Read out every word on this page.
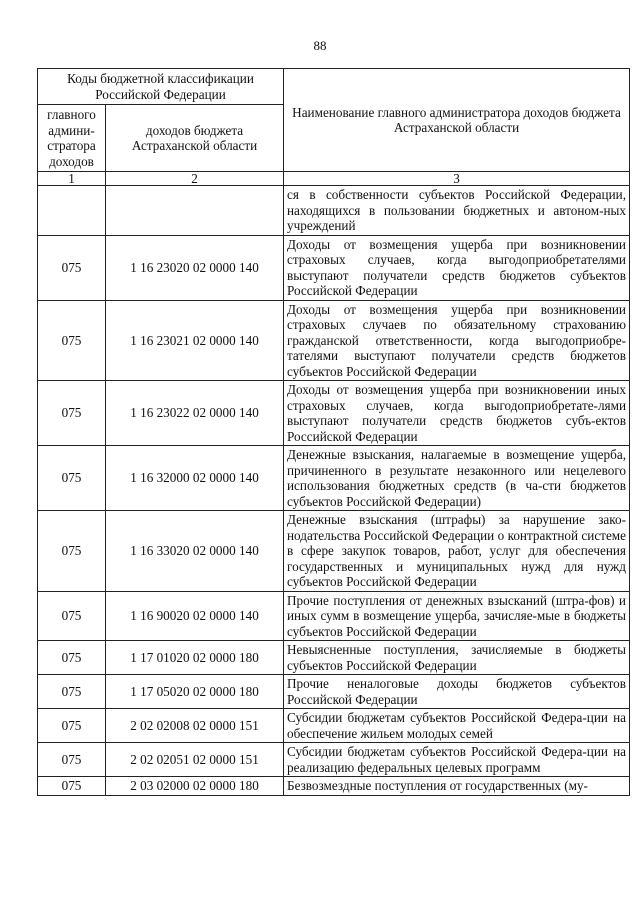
88
Коды бюджетной классификации Российской Федерации		Наименование главного администратора доходов бюджета Астраханской области
главного админи-стратора доходов	доходов бюджета Астраханской области	
1	2	3
		ся в собственности субъектов Российской Федерации, находящихся в пользовании бюджетных и автоном-ных учреждений
075	1 16 23020 02 0000 140	Доходы от возмещения ущерба при возникновении страховых случаев, когда выгодоприобретателями выступают получатели средств бюджетов субъектов Российской Федерации
075	1 16 23021 02 0000 140	Доходы от возмещения ущерба при возникновении страховых случаев по обязательному страхованию гражданской ответственности, когда выгодоприобре-тателями выступают получатели средств бюджетов субъектов Российской Федерации
075	1 16 23022 02 0000 140	Доходы от возмещения ущерба при возникновении иных страховых случаев, когда выгодоприобретате-лями выступают получатели средств бюджетов субъ-ектов Российской Федерации
075	1 16 32000 02 0000 140	Денежные взыскания, налагаемые в возмещение ущерба, причиненного в результате незаконного или нецелевого использования бюджетных средств (в ча-сти бюджетов субъектов Российской Федерации)
075	1 16 33020 02 0000 140	Денежные взыскания (штрафы) за нарушение зако-нодательства Российской Федерации о контрактной системе в сфере закупок товаров, работ, услуг для обеспечения государственных и муниципальных нужд для нужд субъектов Российской Федерации
075	1 16 90020 02 0000 140	Прочие поступления от денежных взысканий (штра-фов) и иных сумм в возмещение ущерба, зачисляе-мые в бюджеты субъектов Российской Федерации
075	1 17 01020 02 0000 180	Невыясненные поступления, зачисляемые в бюджеты субъектов Российской Федерации
075	1 17 05020 02 0000 180	Прочие неналоговые доходы бюджетов субъектов Российской Федерации
075	2 02 02008 02 0000 151	Субсидии бюджетам субъектов Российской Федера-ции на обеспечение жильем молодых семей
075	2 02 02051 02 0000 151	Субсидии бюджетам субъектов Российской Федера-ции на реализацию федеральных целевых программ
075	2 03 02000 02 0000 180	Безвозмездные поступления от государственных (му-
